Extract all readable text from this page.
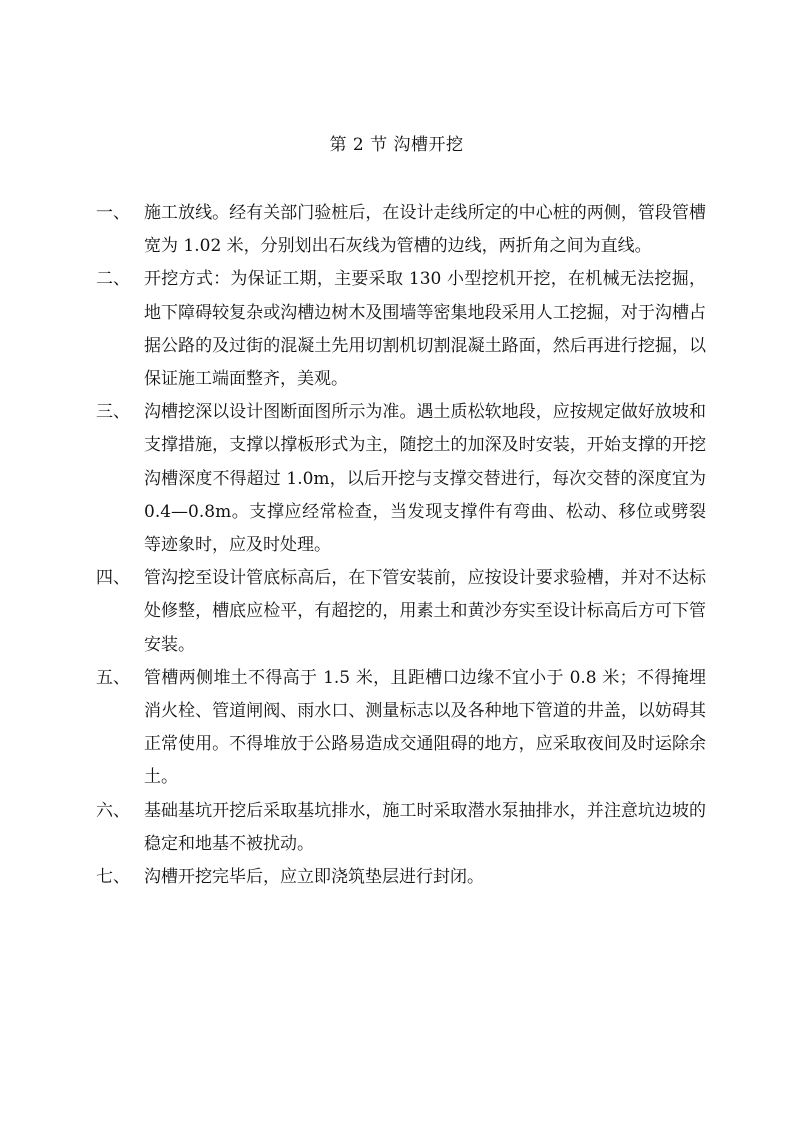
第 2 节 沟槽开挖
一、 施工放线。经有关部门验桩后，在设计走线所定的中心桩的两侧，管段管槽宽为 1.02 米，分别划出石灰线为管槽的边线，两折角之间为直线。
二、 开挖方式：为保证工期，主要采取 130 小型挖机开挖，在机械无法挖掘，地下障碍较复杂或沟槽边树木及围墙等密集地段采用人工挖掘，对于沟槽占据公路的及过街的混凝土先用切割机切割混凝土路面，然后再进行挖掘，以保证施工端面整齐，美观。
三、 沟槽挖深以设计图断面图所示为准。遇土质松软地段，应按规定做好放坡和支撑措施，支撑以撑板形式为主，随挖土的加深及时安装，开始支撑的开挖沟槽深度不得超过 1.0m，以后开挖与支撑交替进行，每次交替的深度宜为 0.4—0.8m。支撑应经常检查，当发现支撑件有弯曲、松动、移位或劈裂等迹象时，应及时处理。
四、 管沟挖至设计管底标高后，在下管安装前，应按设计要求验槽，并对不达标处修整，槽底应检平，有超挖的，用素土和黄沙夯实至设计标高后方可下管安装。
五、 管槽两侧堆土不得高于 1.5 米，且距槽口边缘不宜小于 0.8 米；不得掩埋消火栓、管道闸阀、雨水口、测量标志以及各种地下管道的井盖，以妨碍其正常使用。不得堆放于公路易造成交通阻碍的地方，应采取夜间及时运除余土。
六、 基础基坑开挖后采取基坑排水，施工时采取潜水泵抽排水，并注意坑边坡的稳定和地基不被扰动。
七、 沟槽开挖完毕后，应立即浇筑垫层进行封闭。
